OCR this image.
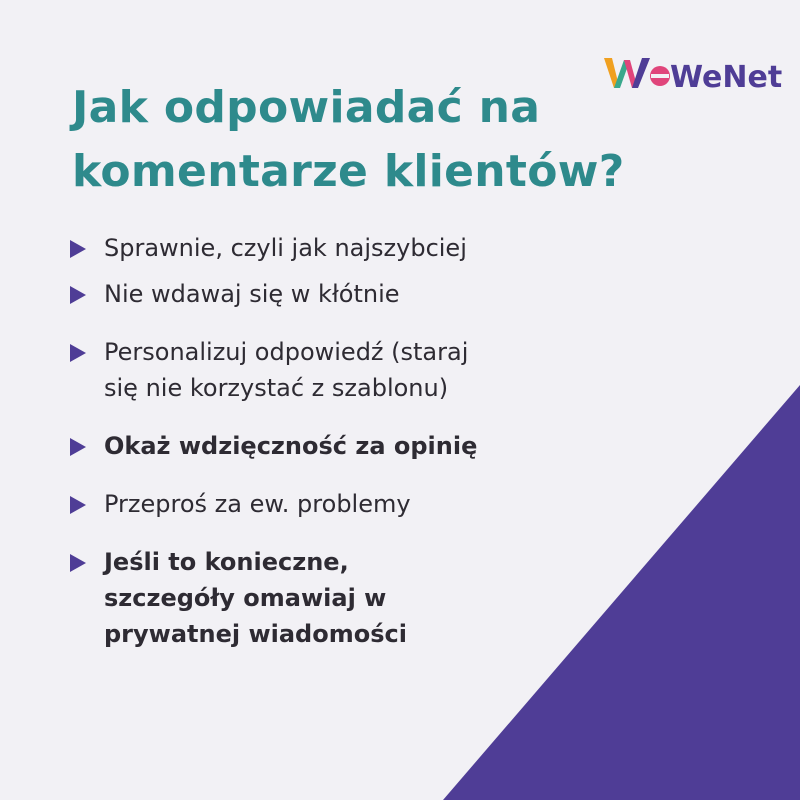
WeNet
Jak odpowiadać na
komentarze klientów?
Sprawnie, czyli jak najszybciej
Nie wdawaj się w kłótnie
Personalizuj odpowiedź (staraj
się nie korzystać z szablonu)
Okaż wdzięczność za opinię
Przeproś za ew. problemy
Jeśli to konieczne,
szczegóły omawiaj w
prywatnej wiadomości
